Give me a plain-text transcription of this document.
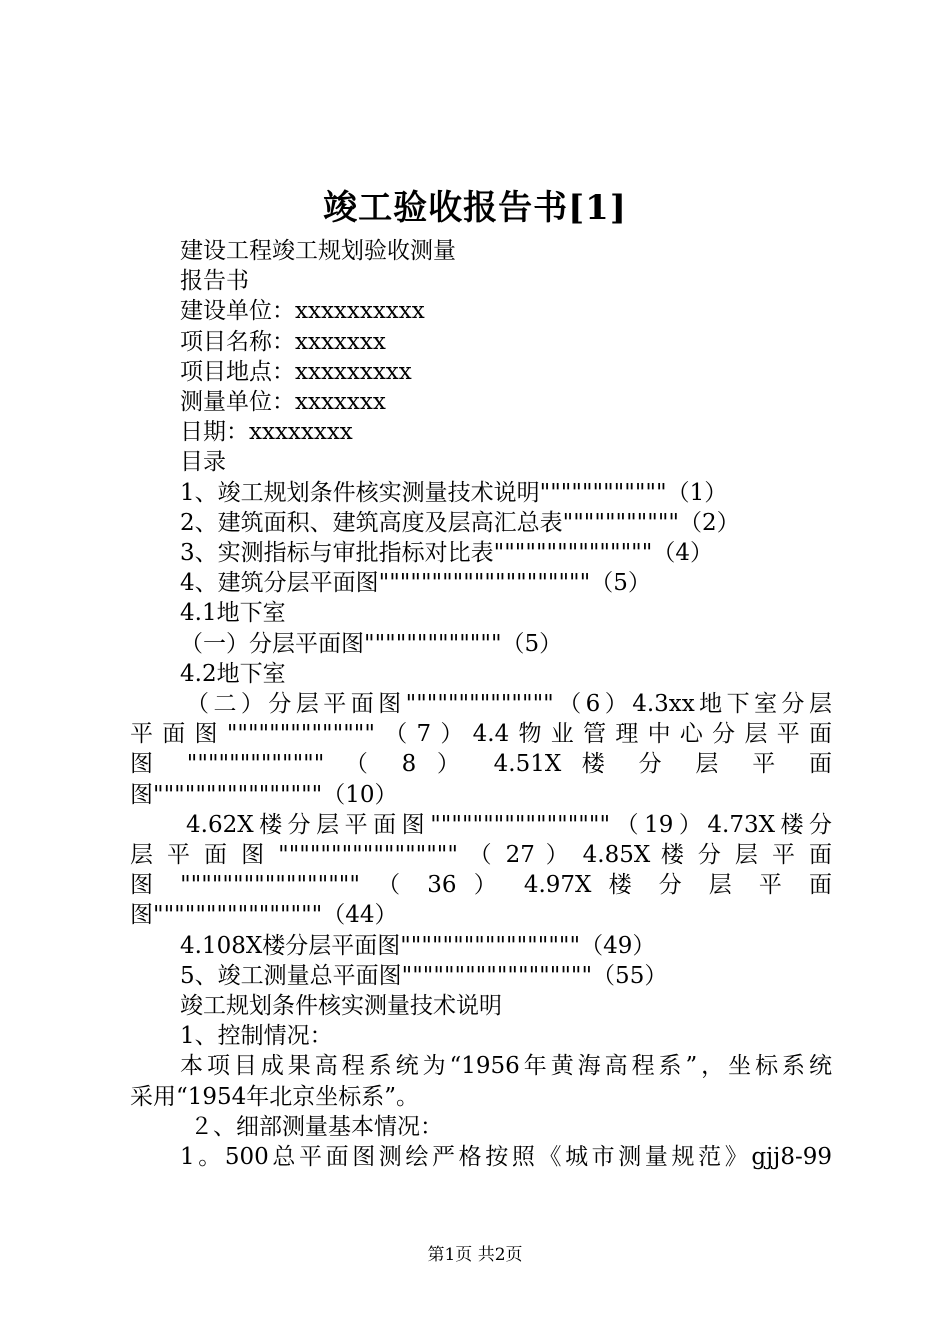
竣工验收报告书[1]
建设工程竣工规划验收测量
报告书
建设单位：xxxxxxxxxx
项目名称：xxxxxxx
项目地点：xxxxxxxxx
测量单位：xxxxxxx
日期：xxxxxxxx
目录
1、竣工规划条件核实测量技术说明""""""""""""（1）
2、建筑面积、建筑高度及层高汇总表"""""""""""（2）
3、实测指标与审批指标对比表"""""""""""""""（4）
4、建筑分层平面图""""""""""""""""""""（5）
4.1地下室
（一）分层平面图"""""""""""""（5）
4.2地下室
（二）分层平面图""""""""""""""（6）4.3xx地下室分层
平面图""""""""""""""（7）4.4物业管理中心分层平面
图 """"""""""""" （ 8 ） 4.51X 楼 分 层 平 面
图""""""""""""""""（10）
4.62X楼分层平面图"""""""""""""""""（19）4.73X楼分
层 平 面 图 """"""""""""""""" （ 27 ） 4.85X 楼 分 层 平 面
图 """"""""""""""""" （ 36 ） 4.97X 楼 分 层 平 面
图""""""""""""""""（44）
4.108X楼分层平面图"""""""""""""""""（49）
5、竣工测量总平面图""""""""""""""""""（55）
竣工规划条件核实测量技术说明
1、控制情况：
本项目成果高程系统为“1956年黄海高程系”，坐标系统
采用“1954年北京坐标系”。
２、细部测量基本情况：
1。500总平面图测绘严格按照《城市测量规范》gjj8-99
第1页 共2页
